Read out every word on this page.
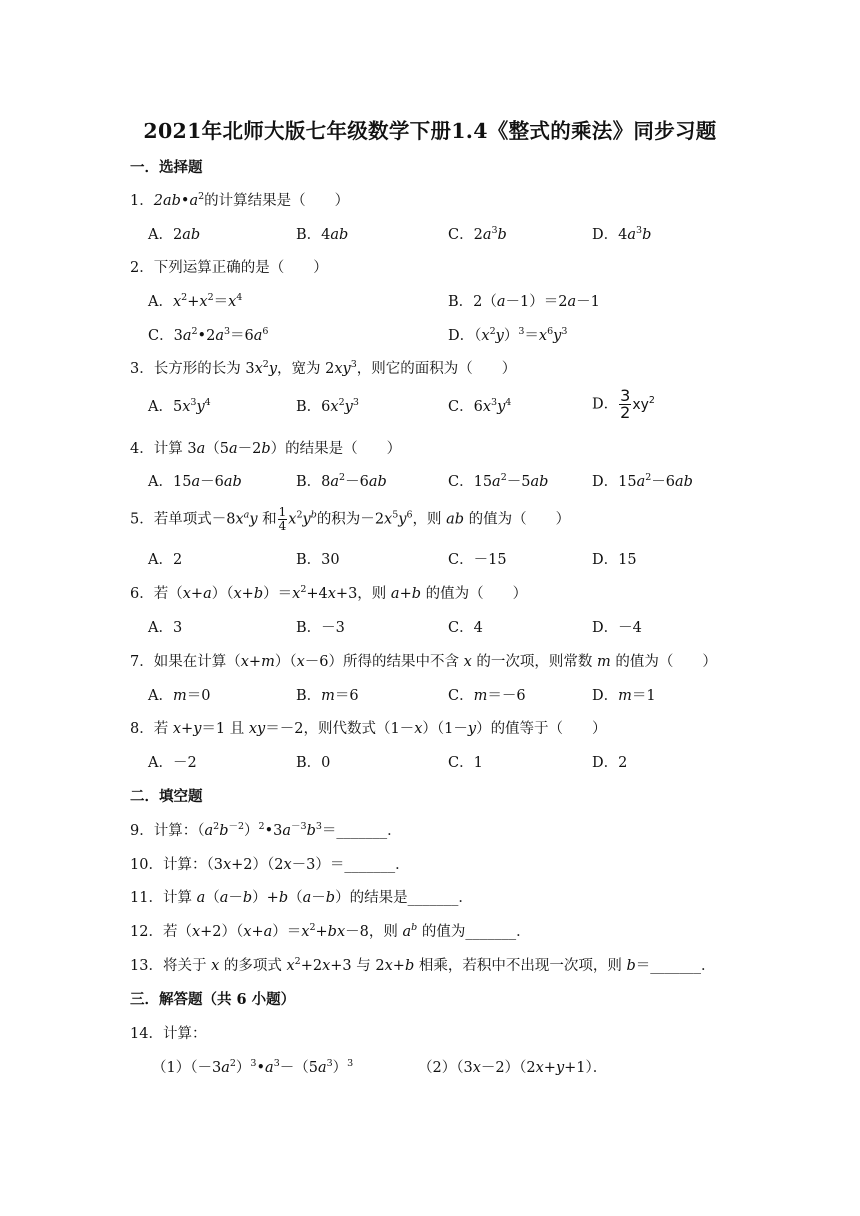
2021年北师大版七年级数学下册1.4《整式的乘法》同步习题
一．选择题
1．$2ab•a^2$的计算结果是（　　）
A．2ab	B．4ab	C．$2a^3b$	D．$4a^3b$
2．下列运算正确的是（　　）
A．$x^2+x^2=x^4$	B．2（a－1）＝2a－1
C．$3a^2•2a^3=6a^6$	D．$(x^2y)^3=x^6y^3$
3．长方形的长为 $3x^2y$，宽为 $2xy^3$，则它的面积为（　　）
A．$5x^3y^4$	B．$6x^2y^3$	C．$6x^3y^4$	D． $\frac{3}{2} xy^2$
4．计算 3a（5a－2b）的结果是（　　）
A．15a－6ab	B．$8a^2-6ab$	C．$15a^2-5ab$	D．$15a^2-6ab$
5．若单项式$-8x^ay$ 和 $\frac{1}{4} x^2y^b$的积为$-2x^5y^6$，则 ab 的值为（　　）
A．2	B．30	C．－15	D．15
6．若$(x+a)(x+b)=x^2+4x+3$，则 a+b 的值为（　　）
A．3	B．－3	C．4	D．－4
7．如果在计算（x+m）（x－6）所得的结果中不含 x 的一次项，则常数 m 的值为（　　）
A．m＝0	B．m＝6	C．m＝－6	D．m＝1
8．若 x+y＝1 且 xy＝－2，则代数式（1－x）（1－y）的值等于（　　）
A．－2	B．0	C．1	D．2
二．填空题
9．计算：$(a^2b^{-2})^2•3a^{-3}b^3=\_\_\_\_\_\_\_$．
10．计算：（3x+2）（2x－3）＝_______．
11．计算 a（a－b）+b（a－b）的结果是_______．
12．若$(x+2)(x+a)=x^2+bx-8$，则 $a^b$ 的值为_______．
13．将关于 x 的多项式 $x^2+2x+3$ 与 2x+b 相乘，若积中不出现一次项，则 b＝_______．
三．解答题（共 6 小题）
14．计算：
$(1)(-3a^2)^3•a^3-(5a^3)^3$	（2）（3x－2）（2x+y+1）．
